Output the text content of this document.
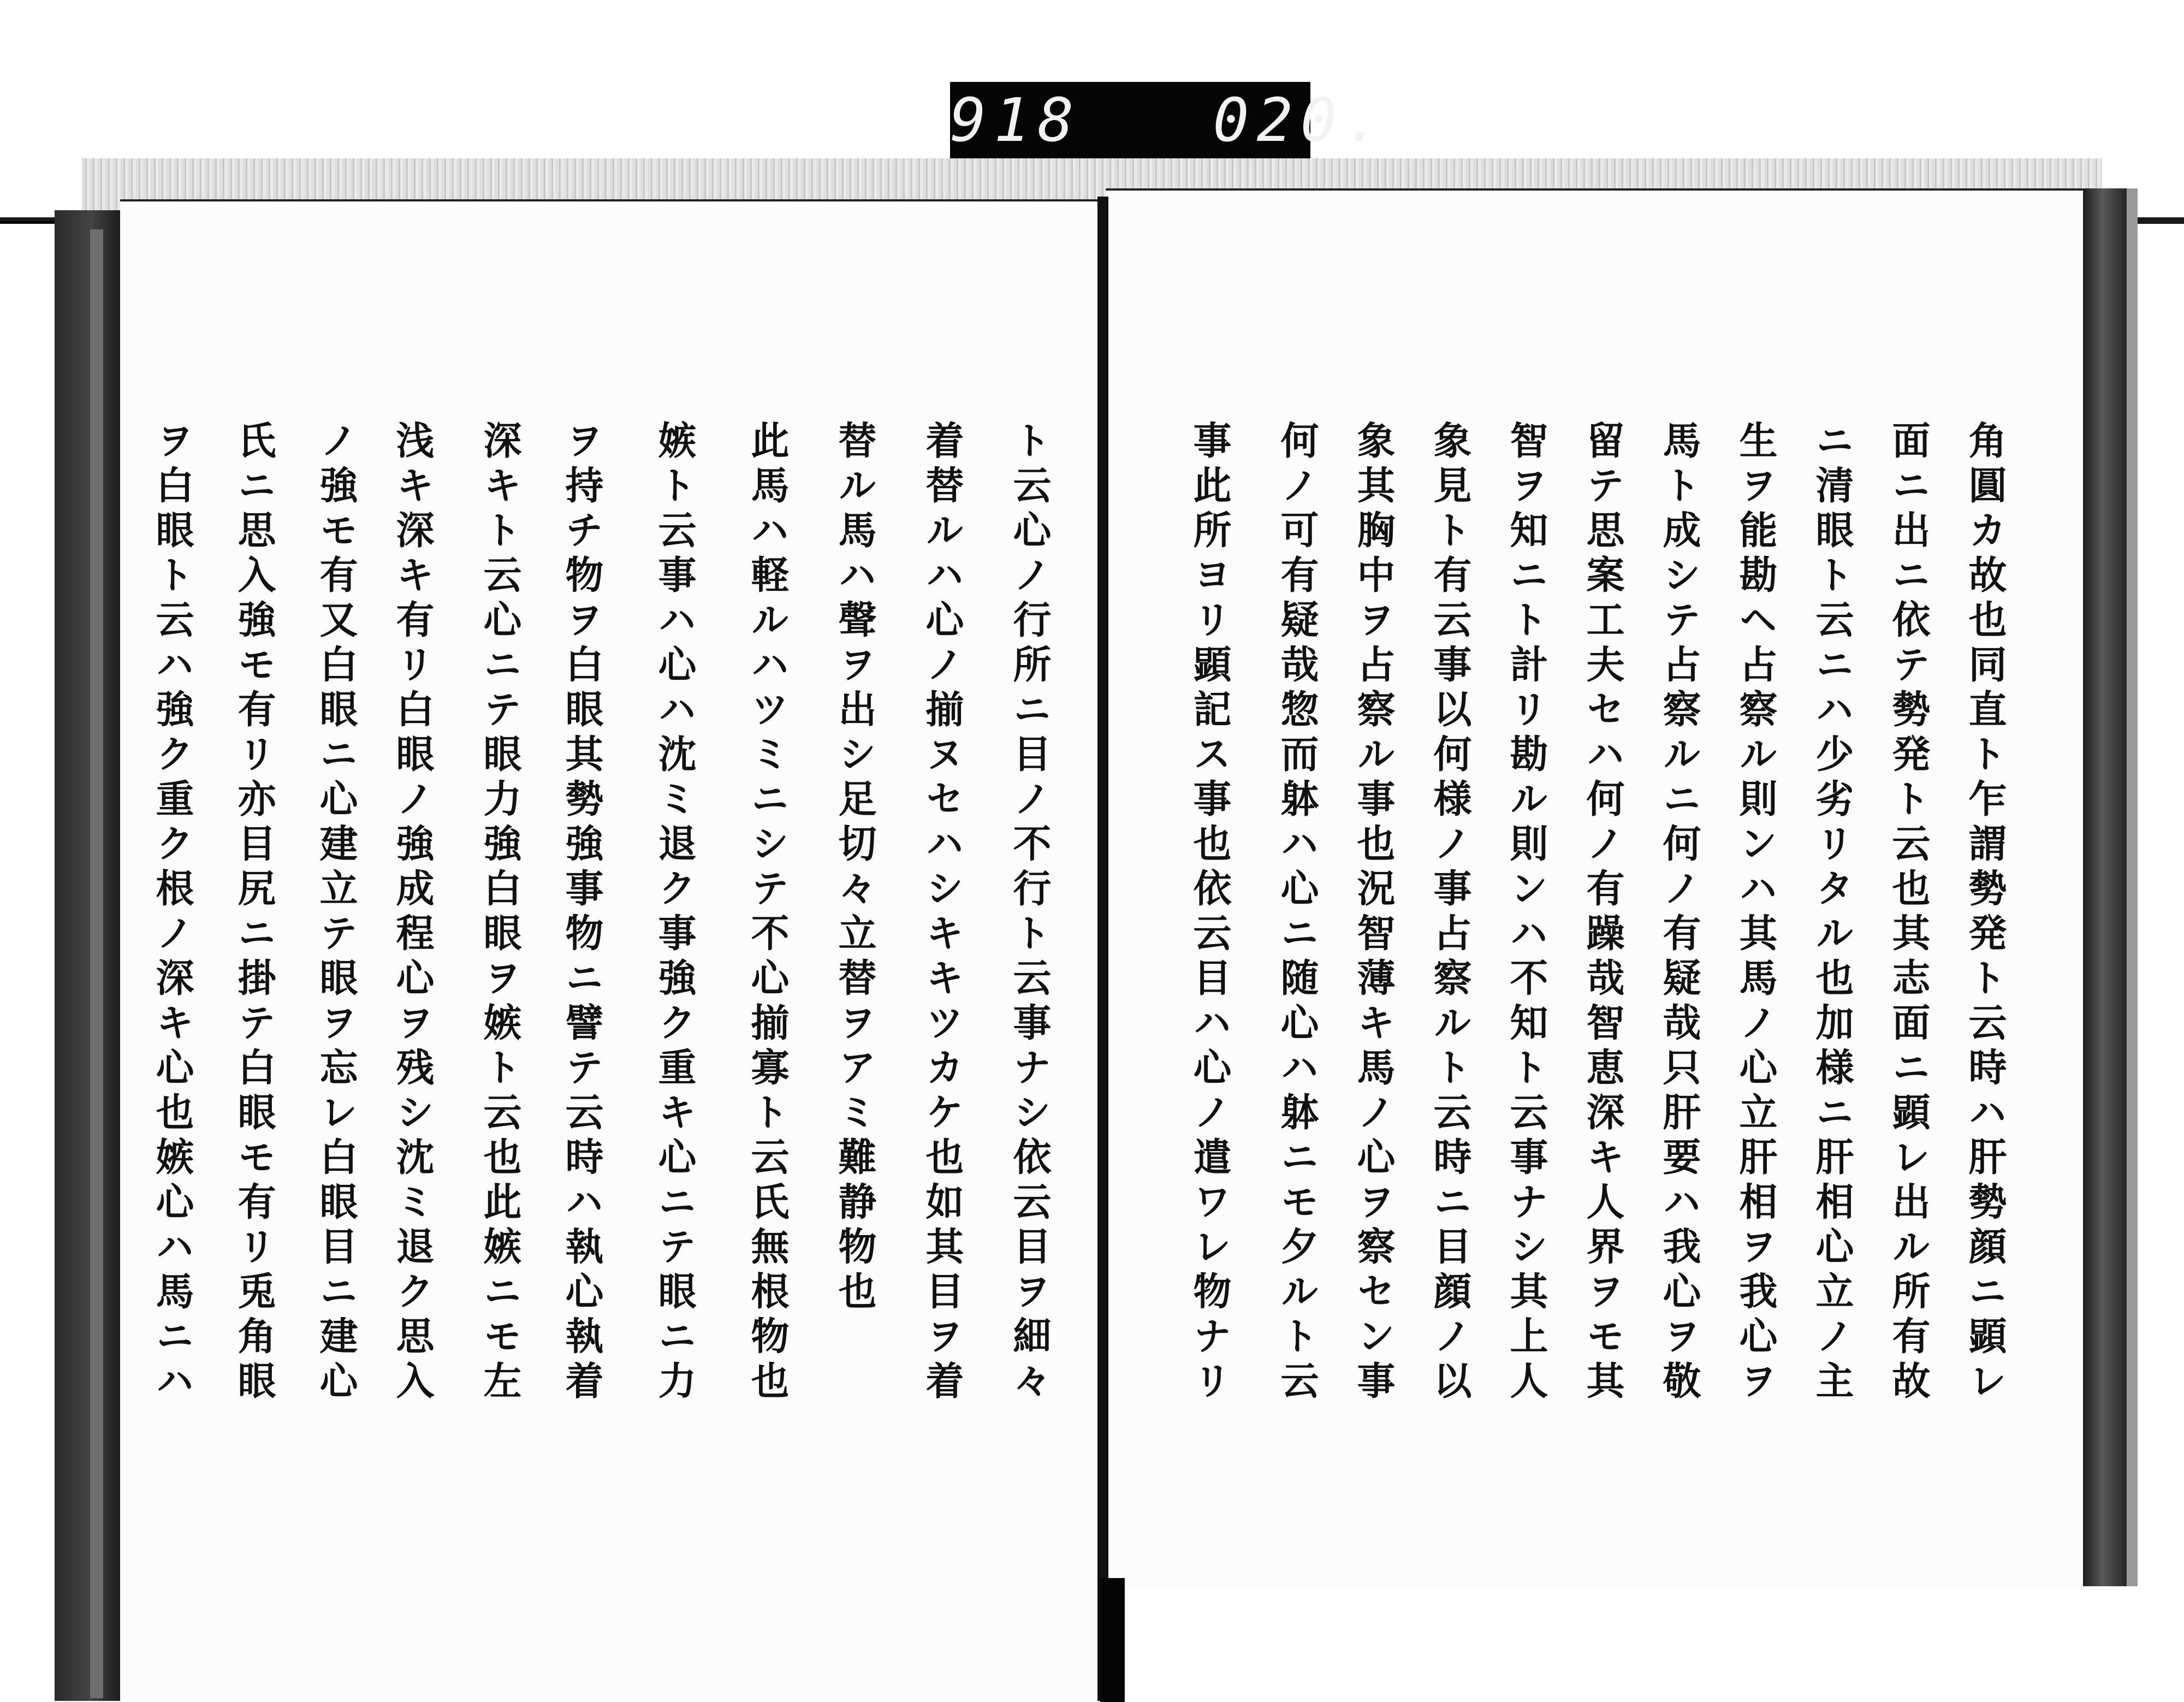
918   020.
角圓カ故也同直ト乍謂勢発ト云時ハ肝勢顔ニ顕レ
面ニ出ニ依テ勢発ト云也其志面ニ顕レ出ル所有故
ニ清眼ト云ニハ少劣リタル也加様ニ肝相心立ノ主
生ヲ能勘ヘ占察ル則ンハ其馬ノ心立肝相ヲ我心ヲ
馬ト成シテ占察ルニ何ノ有疑哉只肝要ハ我心ヲ敬
留テ思案工夫セハ何ノ有躁哉智恵深キ人界ヲモ其
智ヲ知ニト計リ勘ル則ンハ不知ト云事ナシ其上人
象見ト有云事以何様ノ事占察ルト云時ニ目顔ノ以
象其胸中ヲ占察ル事也況智薄キ馬ノ心ヲ察セン事
何ノ可有疑哉惣而躰ハ心ニ随心ハ躰ニモ夕ルト云
事此所ヨリ顕記ス事也依云目ハ心ノ遣ワレ物ナリ
ト云心ノ行所ニ目ノ不行ト云事ナシ依云目ヲ細々
着替ルハ心ノ揃ヌセハシキキツカケ也如其目ヲ着
替ル馬ハ聲ヲ出シ足切々立替ヲアミ難静物也
此馬ハ軽ルハツミニシテ不心揃寡ト云氏無根物也
嫉ト云事ハ心ハ沈ミ退ク事強ク重キ心ニテ眼ニ力
ヲ持チ物ヲ白眼其勢強事物ニ譬テ云時ハ執心執着
深キト云心ニテ眼力強白眼ヲ嫉ト云也此嫉ニモ左
浅キ深キ有リ白眼ノ強成程心ヲ残シ沈ミ退ク思入
ノ強モ有又白眼ニ心建立テ眼ヲ忘レ白眼目ニ建心
氏ニ思入強モ有リ亦目尻ニ掛テ白眼モ有リ兎角眼
ヲ白眼ト云ハ強ク重ク根ノ深キ心也嫉心ハ馬ニハ
